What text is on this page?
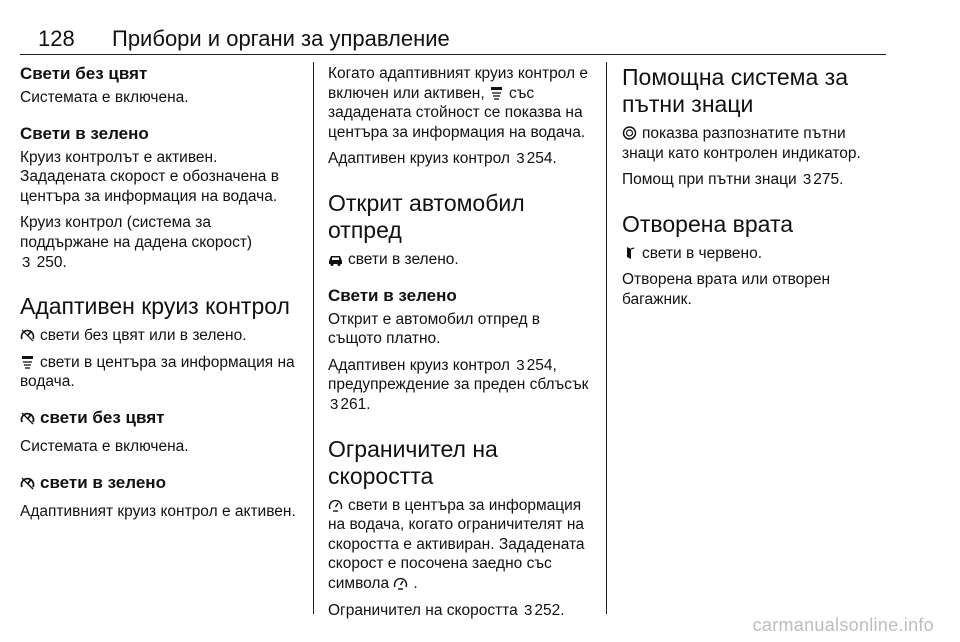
128 Прибори и органи за управление
Свети без цвят
Системата е включена.
Свети в зелено
Круиз контролът е активен. Зададената скорост е обозначена в центъра за информация на водача.
Круиз контрол (система за поддържане на дадена скорост)
3 250.
Адаптивен круиз контрол
свети без цвят или в зелено.
свети в центъра за информация на водача.
свети без цвят
Системата е включена.
свети в зелено
Адаптивният круиз контрол е активен.
Когато адаптивният круиз контрол е включен или активен, със зададената стойност се показва на центъра за информация на водача.
Адаптивен круиз контрол 3 254.
Открит автомобил отпред
свети в зелено.
Свети в зелено
Открит е автомобил отпред в същото платно.
Адаптивен круиз контрол 3 254, предупреждение за преден сблъсък 3 261.
Ограничител на скоростта
свети в центъра за информация на водача, когато ограничителят на скоростта е активиран. Зададената скорост е посочена заедно със символа .
Ограничител на скоростта 3 252.
Помощна система за пътни знаци
показва разпознатите пътни знаци като контролен индикатор.
Помощ при пътни знаци 3 275.
Отворена врата
свети в червено.
Отворена врата или отворен багажник.
carmanualsonline.info
